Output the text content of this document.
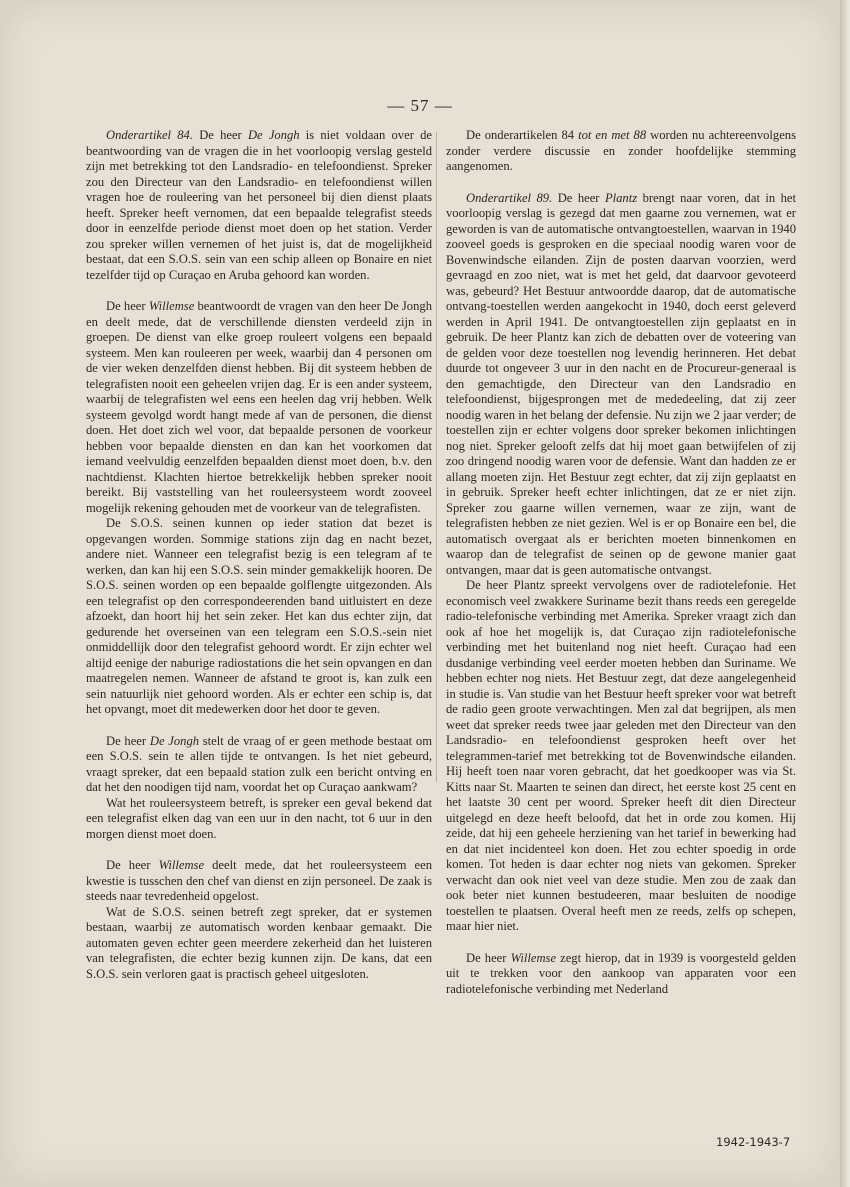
— 57 —

Onderartikel 84. De heer De Jongh is niet voldaan over de beantwoording van de vragen die in het voorloopig verslag gesteld zijn met betrekking tot den Landsradio- en telefoondienst. Spreker zou den Directeur van den Landsradio- en telefoondienst willen vragen hoe de rouleering van het personeel bij dien dienst plaats heeft. Spreker heeft vernomen, dat een bepaalde telegrafist steeds door in eenzelfde periode dienst moet doen op het station. Verder zou spreker willen vernemen of het juist is, dat de mogelijkheid bestaat, dat een S.O.S. sein van een schip alleen op Bonaire en niet tezelfder tijd op Curaçao en Aruba gehoord kan worden.

De heer Willemse beantwoordt de vragen van den heer De Jongh en deelt mede, dat de verschillende diensten verdeeld zijn in groepen. De dienst van elke groep rouleert volgens een bepaald systeem. Men kan rouleeren per week, waarbij dan 4 personen om de vier weken denzelfden dienst hebben. Bij dit systeem hebben de telegrafisten nooit een geheelen vrijen dag. Er is een ander systeem, waarbij de telegrafisten wel eens een heelen dag vrij hebben. Welk systeem gevolgd wordt hangt mede af van de personen, die dienst doen. Het doet zich wel voor, dat bepaalde personen de voorkeur hebben voor bepaalde diensten en dan kan het voorkomen dat iemand veelvuldig eenzelfden bepaalden dienst moet doen, b.v. den nachtdienst. Klachten hiertoe betrekkelijk hebben spreker nooit bereikt. Bij vaststelling van het rouleersysteem wordt zooveel mogelijk rekening gehouden met de voorkeur van de telegrafisten.

De S.O.S. seinen kunnen op ieder station dat bezet is opgevangen worden. Sommige stations zijn dag en nacht bezet, andere niet. Wanneer een telegrafist bezig is een telegram af te werken, dan kan hij een S.O.S. sein minder gemakkelijk hooren. De S.O.S. seinen worden op een bepaalde golflengte uitgezonden. Als een telegrafist op den correspondeerenden band uitluistert en deze afzoekt, dan hoort hij het sein zeker. Het kan dus echter zijn, dat gedurende het overseinen van een telegram een S.O.S.-sein niet onmiddellijk door den telegrafist gehoord wordt. Er zijn echter wel altijd eenige der naburige radiostations die het sein opvangen en dan maatregelen nemen. Wanneer de afstand te groot is, kan zulk een sein natuurlijk niet gehoord worden. Als er echter een schip is, dat het opvangt, moet dit medewerken door het door te geven.

De heer De Jongh stelt de vraag of er geen methode bestaat om een S.O.S. sein te allen tijde te ontvangen. Is het niet gebeurd, vraagt spreker, dat een bepaald station zulk een bericht ontving en dat het den noodigen tijd nam, voordat het op Curaçao aankwam?

Wat het rouleersysteem betreft, is spreker een geval bekend dat een telegrafist elken dag van een uur in den nacht, tot 6 uur in den morgen dienst moet doen.

De heer Willemse deelt mede, dat het rouleersysteem een kwestie is tusschen den chef van dienst en zijn personeel. De zaak is steeds naar tevredenheid opgelost.

Wat de S.O.S. seinen betreft zegt spreker, dat er systemen bestaan, waarbij ze automatisch worden kenbaar gemaakt. Die automaten geven echter geen meerdere zekerheid dan het luisteren van telegrafisten, die echter bezig kunnen zijn. De kans, dat een S.O.S. sein verloren gaat is practisch geheel uitgesloten.

De onderartikelen 84 tot en met 88 worden nu achtereenvolgens zonder verdere discussie en zonder hoofdelijke stemming aangenomen.

Onderartikel 89. De heer Plantz brengt naar voren, dat in het voorloopig verslag is gezegd dat men gaarne zou vernemen, wat er geworden is van de automatische ontvangtoestellen, waarvan in 1940 zooveel goeds is gesproken en die speciaal noodig waren voor de Bovenwindsche eilanden. Zijn de posten daarvan voorzien, werd gevraagd en zoo niet, wat is met het geld, dat daarvoor gevoteerd was, gebeurd? Het Bestuur antwoordde daarop, dat de automatische ontvang-toestellen werden aangekocht in 1940, doch eerst geleverd werden in April 1941. De ontvangtoestellen zijn geplaatst en in gebruik. De heer Plantz kan zich de debatten over de voteering van de gelden voor deze toestellen nog levendig herinneren. Het debat duurde tot ongeveer 3 uur in den nacht en de Procureur-generaal is den gemachtigde, den Directeur van den Landsradio en telefoondienst, bijgesprongen met de mededeeling, dat zij zeer noodig waren in het belang der defensie. Nu zijn we 2 jaar verder; de toestellen zijn er echter volgens door spreker bekomen inlichtingen nog niet. Spreker gelooft zelfs dat hij moet gaan betwijfelen of zij zoo dringend noodig waren voor de defensie. Want dan hadden ze er allang moeten zijn. Het Bestuur zegt echter, dat zij zijn geplaatst en in gebruik. Spreker heeft echter inlichtingen, dat ze er niet zijn. Spreker zou gaarne willen vernemen, waar ze zijn, want de telegrafisten hebben ze niet gezien. Wel is er op Bonaire een bel, die automatisch overgaat als er berichten moeten binnenkomen en waarop dan de telegrafist de seinen op de gewone manier gaat ontvangen, maar dat is geen automatische ontvangst.

De heer Plantz spreekt vervolgens over de radiotelefonie. Het economisch veel zwakkere Suriname bezit thans reeds een geregelde radio-telefonische verbinding met Amerika. Spreker vraagt zich dan ook af hoe het mogelijk is, dat Curaçao zijn radiotelefonische verbinding met het buitenland nog niet heeft. Curaçao had een dusdanige verbinding veel eerder moeten hebben dan Suriname. We hebben echter nog niets. Het Bestuur zegt, dat deze aangelegenheid in studie is. Van studie van het Bestuur heeft spreker voor wat betreft de radio geen groote verwachtingen. Men zal dat begrijpen, als men weet dat spreker reeds twee jaar geleden met den Directeur van den Landsradio- en telefoondienst gesproken heeft over het telegrammen-tarief met betrekking tot de Bovenwindsche eilanden. Hij heeft toen naar voren gebracht, dat het goedkooper was via St. Kitts naar St. Maarten te seinen dan direct, het eerste kost 25 cent en het laatste 30 cent per woord. Spreker heeft dit dien Directeur uitgelegd en deze heeft beloofd, dat het in orde zou komen. Hij zeide, dat hij een geheele herziening van het tarief in bewerking had en dat niet incidenteel kon doen. Het zou echter spoedig in orde komen. Tot heden is daar echter nog niets van gekomen. Spreker verwacht dan ook niet veel van deze studie. Men zou de zaak dan ook beter niet kunnen bestudeeren, maar besluiten de noodige toestellen te plaatsen. Overal heeft men ze reeds, zelfs op schepen, maar hier niet.

De heer Willemse zegt hierop, dat in 1939 is voorgesteld gelden uit te trekken voor den aankoop van apparaten voor een radiotelefonische verbinding met Nederland

1942-1943-7
